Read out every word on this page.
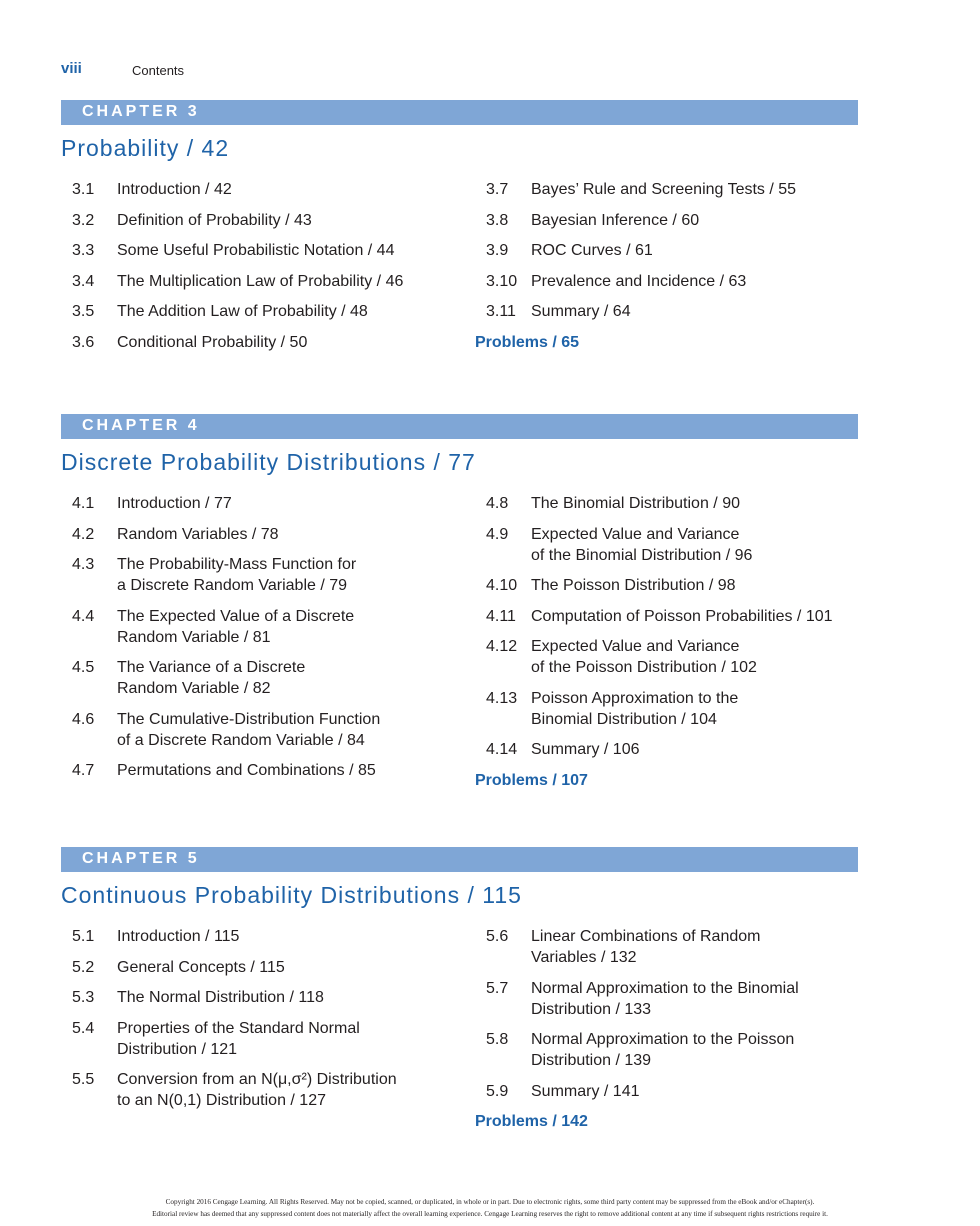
viii	Contents
CHAPTER 3
Probability / 42
3.1 Introduction / 42
3.2 Definition of Probability / 43
3.3 Some Useful Probabilistic Notation / 44
3.4 The Multiplication Law of Probability / 46
3.5 The Addition Law of Probability / 48
3.6 Conditional Probability / 50
3.7 Bayes’ Rule and Screening Tests / 55
3.8 Bayesian Inference / 60
3.9 ROC Curves / 61
3.10 Prevalence and Incidence / 63
3.11 Summary / 64
Problems / 65
CHAPTER 4
Discrete Probability Distributions / 77
4.1 Introduction / 77
4.2 Random Variables / 78
4.3 The Probability-Mass Function for
a Discrete Random Variable / 79
4.4 The Expected Value of a Discrete
Random Variable / 81
4.5 The Variance of a Discrete
Random Variable / 82
4.6 The Cumulative-Distribution Function
of a Discrete Random Variable / 84
4.7 Permutations and Combinations / 85
4.8 The Binomial Distribution / 90
4.9 Expected Value and Variance
of the Binomial Distribution / 96
4.10 The Poisson Distribution / 98
4.11 Computation of Poisson Probabilities / 101
4.12 Expected Value and Variance
of the Poisson Distribution / 102
4.13 Poisson Approximation to the
Binomial Distribution / 104
4.14 Summary / 106
Problems / 107
CHAPTER 5
Continuous Probability Distributions / 115
5.1 Introduction / 115
5.2 General Concepts / 115
5.3 The Normal Distribution / 118
5.4 Properties of the Standard Normal
Distribution / 121
5.5 Conversion from an N(μ,σ²) Distribution
to an N(0,1) Distribution / 127
5.6 Linear Combinations of Random
Variables / 132
5.7 Normal Approximation to the Binomial
Distribution / 133
5.8 Normal Approximation to the Poisson
Distribution / 139
5.9 Summary / 141
Problems / 142
Copyright 2016 Cengage Learning. All Rights Reserved. May not be copied, scanned, or duplicated, in whole or in part. Due to electronic rights, some third party content may be suppressed from the eBook and/or eChapter(s).
Editorial review has deemed that any suppressed content does not materially affect the overall learning experience. Cengage Learning reserves the right to remove additional content at any time if subsequent rights restrictions require it.
